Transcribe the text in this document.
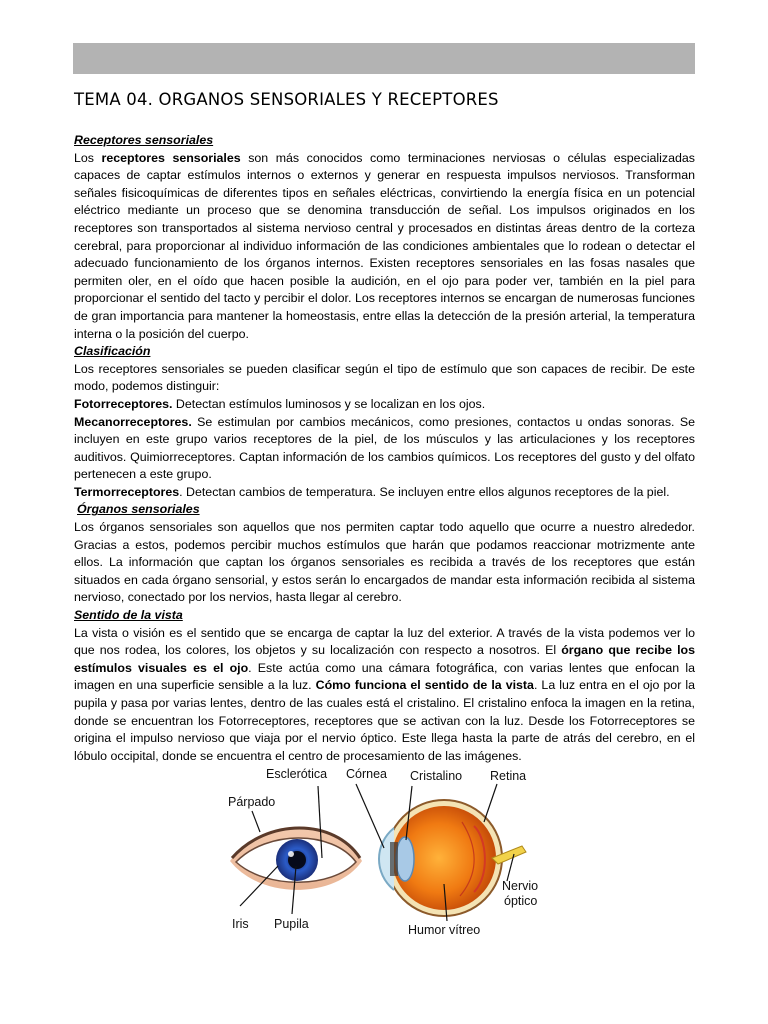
TEMA 04. ORGANOS SENSORIALES Y RECEPTORES

Receptores sensoriales

Los receptores sensoriales son más conocidos como terminaciones nerviosas o células especializadas capaces de captar estímulos internos o externos y generar en respuesta impulsos nerviosos. Transforman señales fisicoquímicas de diferentes tipos en señales eléctricas, convirtiendo la energía física en un potencial eléctrico mediante un proceso que se denomina transducción de señal. Los impulsos originados en los receptores son transportados al sistema nervioso central y procesados en distintas áreas dentro de la corteza cerebral, para proporcionar al individuo información de las condiciones ambientales que lo rodean o detectar el adecuado funcionamiento de los órganos internos. Existen receptores sensoriales en las fosas nasales que permiten oler, en el oído que hacen posible la audición, en el ojo para poder ver, también en la piel para proporcionar el sentido del tacto y percibir el dolor. Los receptores internos se encargan de numerosas funciones de gran importancia para mantener la homeostasis, entre ellas la detección de la presión arterial, la temperatura interna o la posición del cuerpo.

Clasificación

Los receptores sensoriales se pueden clasificar según el tipo de estímulo que son capaces de recibir. De este modo, podemos distinguir:

Fotorreceptores. Detectan estímulos luminosos y se localizan en los ojos.

Mecanorreceptores. Se estimulan por cambios mecánicos, como presiones, contactos u ondas sonoras. Se incluyen en este grupo varios receptores de la piel, de los músculos y las articulaciones y los receptores auditivos. Quimiorreceptores. Captan información de los cambios químicos. Los receptores del gusto y del olfato pertenecen a este grupo.

Termorreceptores. Detectan cambios de temperatura. Se incluyen entre ellos algunos receptores de la piel.

Órganos sensoriales

Los órganos sensoriales son aquellos que nos permiten captar todo aquello que ocurre a nuestro alrededor. Gracias a estos, podemos percibir muchos estímulos que harán que podamos reaccionar motrizmente ante ellos. La información que captan los órganos sensoriales es recibida a través de los receptores que están situados en cada órgano sensorial, y estos serán lo encargados de mandar esta información recibida al sistema nervioso, conectado por los nervios, hasta llegar al cerebro.

Sentido de la vista

La vista o visión es el sentido que se encarga de captar la luz del exterior. A través de la vista podemos ver lo que nos rodea, los colores, los objetos y su localización con respecto a nosotros. El órgano que recibe los estímulos visuales es el ojo. Este actúa como una cámara fotográfica, con varias lentes que enfocan la imagen en una superficie sensible a la luz. Cómo funciona el sentido de la vista. La luz entra en el ojo por la pupila y pasa por varias lentes, dentro de las cuales está el cristalino. El cristalino enfoca la imagen en la retina, donde se encuentran los Fotorreceptores, receptores que se activan con la luz. Desde los Fotorreceptores se origina el impulso nervioso que viaja por el nervio óptico. Este llega hasta la parte de atrás del cerebro, en el lóbulo occipital, donde se encuentra el centro de procesamiento de las imágenes.

Esclerótica Córnea Cristalino Retina
Párpado
Iris Pupila
Nervio
óptico
Humor vítreo
